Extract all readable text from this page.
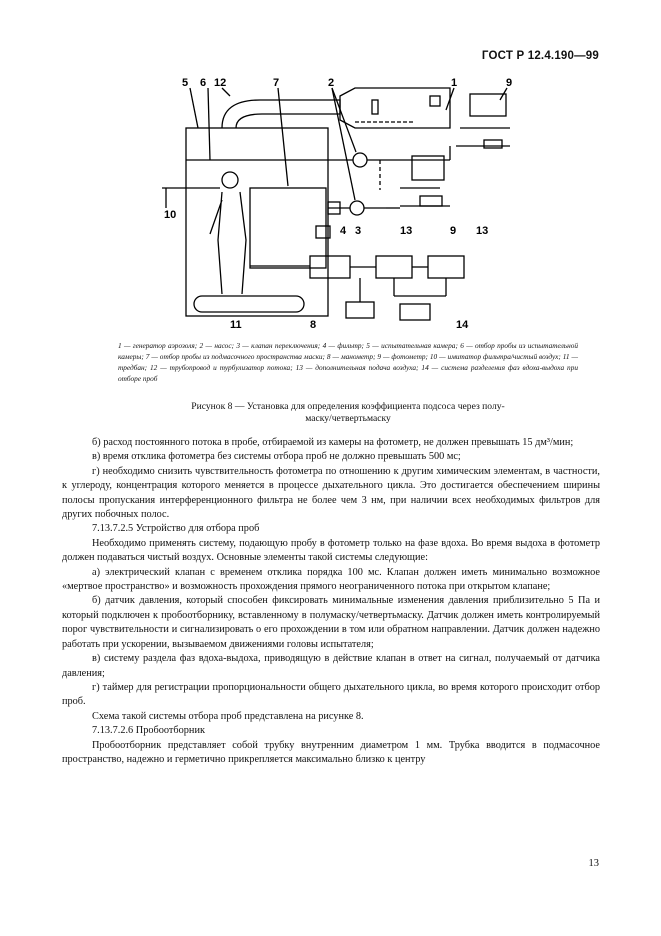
ГОСТ Р 12.4.190—99
5 6 12	7	2	1	9
10
4 3	13	9 13
8
11	14
1 — генератор аэрозоля; 2 — насос; 3 — клапан переключения; 4 — фильтр; 5 — испытательная камера; 6 — отбор пробы из испытательной камеры; 7 — отбор пробы из подмасочного пространства маски; 8 — манометр; 9 — фотометр; 10 — имитатор фильтра/чистый воздух; 11 — тредбан; 12 — трубопровод и турбулизатор потока; 13 — дополнительная подача воздуха; 14 — система разделения фаз вдоха-выдоха при отборе проб
Рисунок 8 — Установка для определения коэффициента подсоса через полу-
маску/четвертьмаску

б) расход постоянного потока в пробе, отбираемой из камеры на фотометр, не должен превышать 15 дм³/мин;

в) время отклика фотометра без системы отбора проб не должно превышать 500 мс;

г) необходимо снизить чувствительность фотометра по отношению к другим химическим элементам, в частности, к углероду, концентрация которого меняется в процессе дыхательного цикла. Это достигается обеспечением ширины полосы пропускания интерференционного фильтра не более чем 3 нм, при наличии всех необходимых фильтров для других побочных полос.

7.13.7.2.5 Устройство для отбора проб

Необходимо применять систему, подающую пробу в фотометр только на фазе вдоха. Во время выдоха в фотометр должен подаваться чистый воздух. Основные элементы такой системы следующие:

а) электрический клапан с временем отклика порядка 100 мс. Клапан должен иметь минимально возможное «мертвое пространство» и возможность прохождения прямого неограниченного потока при открытом клапане;

б) датчик давления, который способен фиксировать минимальные изменения давления приблизительно 5 Па и который подключен к пробоотборнику, вставленному в полумаску/четвертьмаску. Датчик должен иметь контролируемый порог чувствительности и сигнализировать о его прохождении в том или обратном направлении. Датчик должен надежно работать при ускорении, вызываемом движениями головы испытателя;

в) систему раздела фаз вдоха-выдоха, приводящую в действие клапан в ответ на сигнал, получаемый от датчика давления;

г) таймер для регистрации пропорциональности общего дыхательного цикла, во время которого происходит отбор проб.

Схема такой системы отбора проб представлена на рисунке 8.

7.13.7.2.6 Пробоотборник

Пробоотборник представляет собой трубку внутренним диаметром 1 мм. Трубка вводится в подмасочное пространство, надежно и герметично прикрепляется максимально близко к центру

13
